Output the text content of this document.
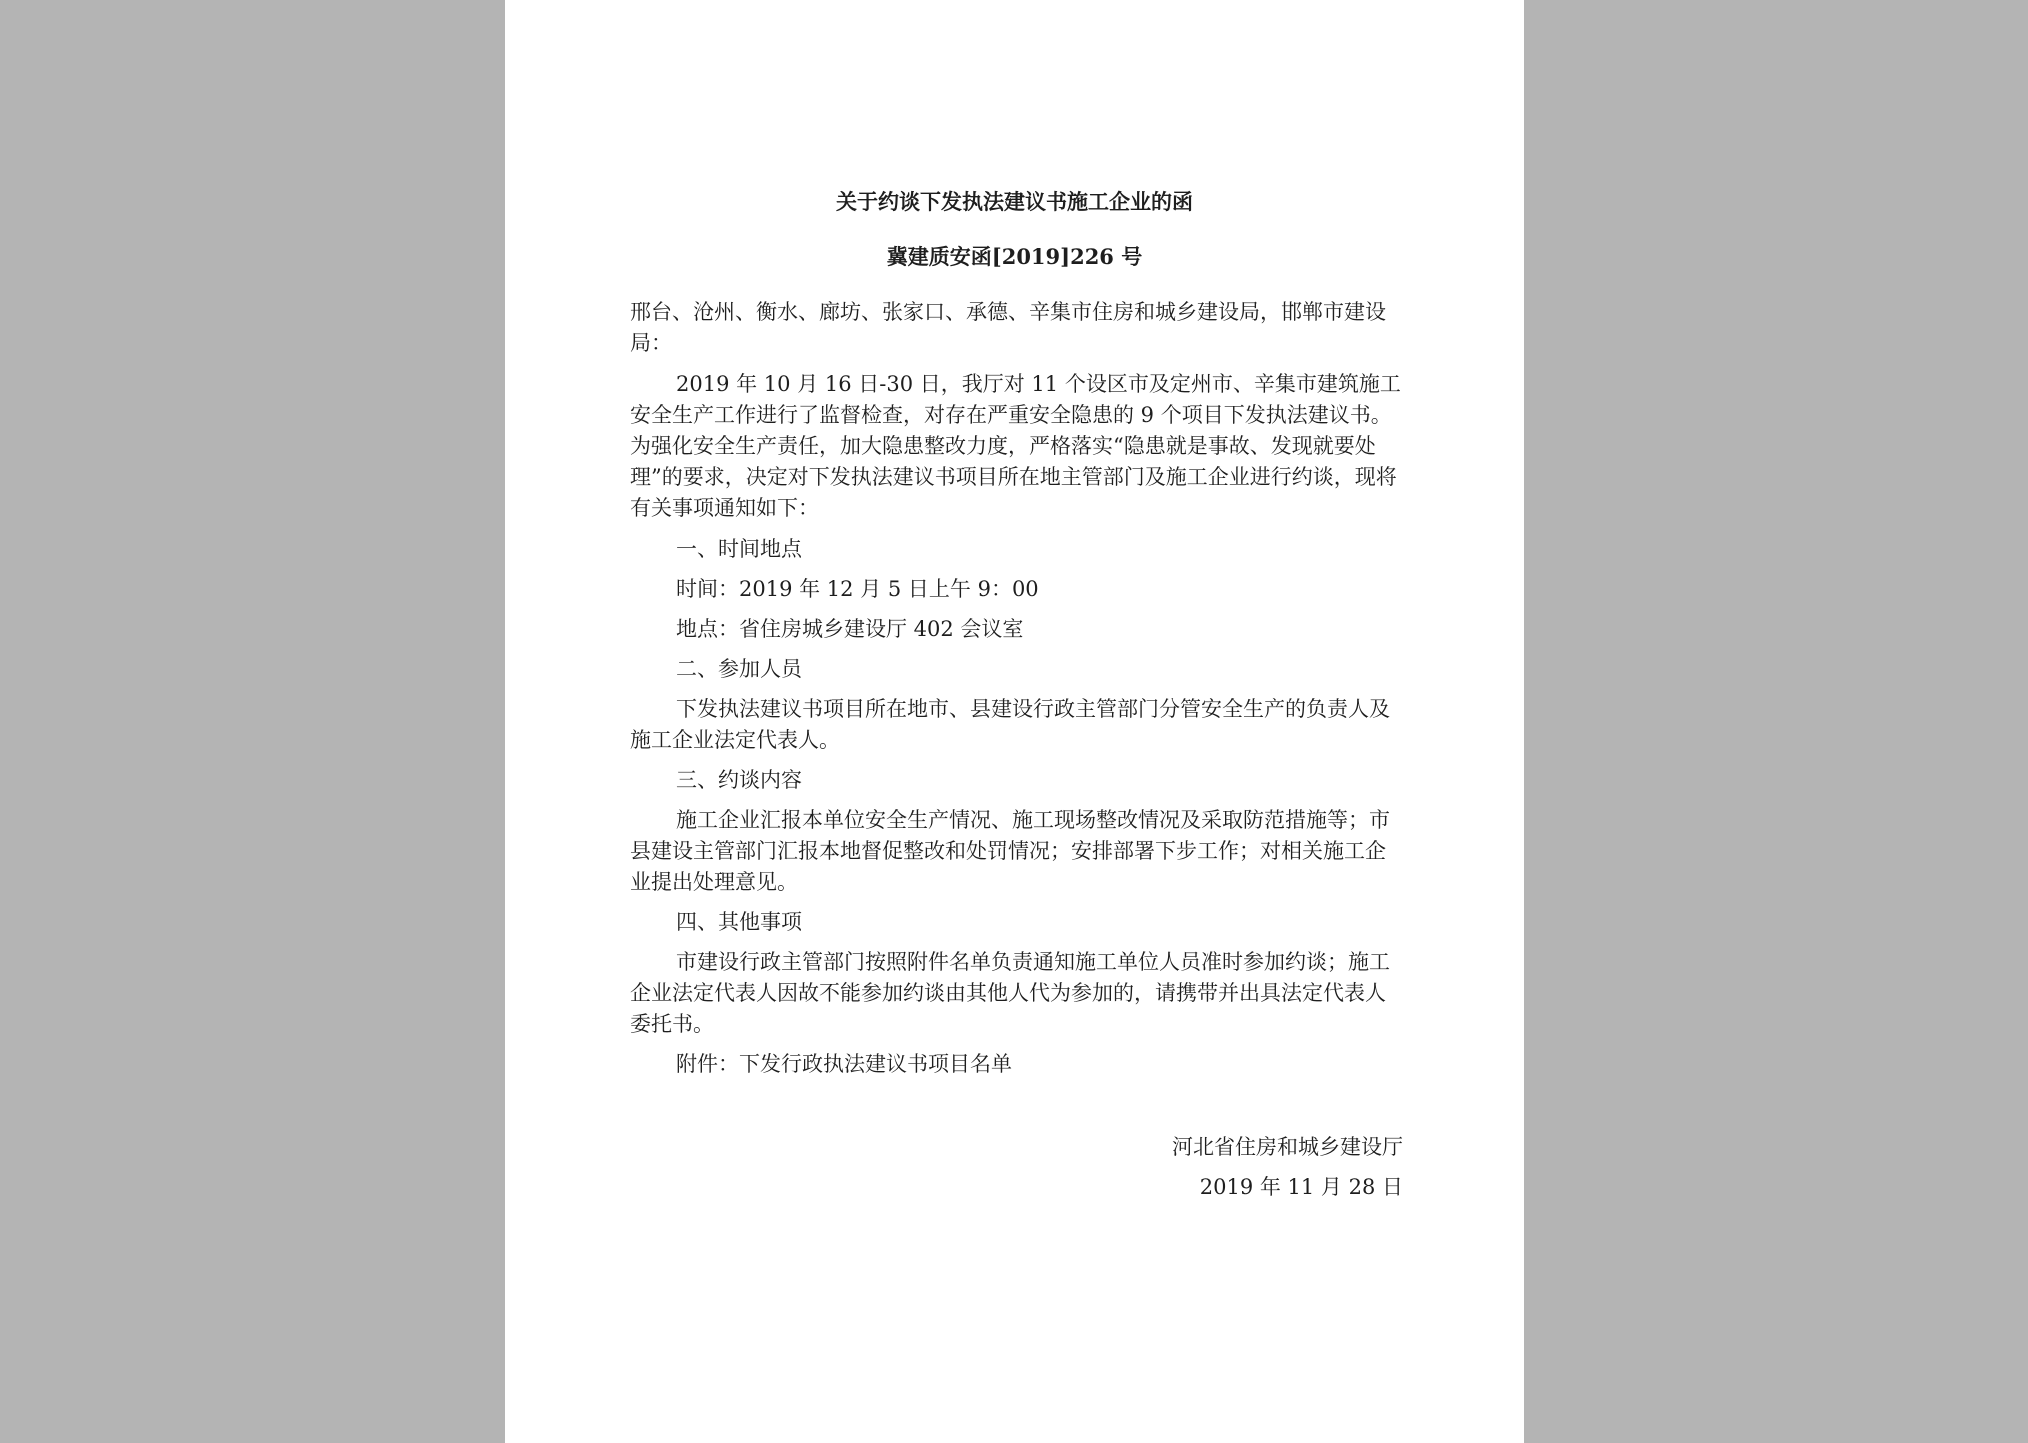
关于约谈下发执法建议书施工企业的函
冀建质安函[2019]226 号

邢台、沧州、衡水、廊坊、张家口、承德、辛集市住房和城乡建设局，邯郸市建设局：

2019 年 10 月 16 日-30 日，我厅对 11 个设区市及定州市、辛集市建筑施工安全生产工作进行了监督检查，对存在严重安全隐患的 9 个项目下发执法建议书。为强化安全生产责任，加大隐患整改力度，严格落实“隐患就是事故、发现就要处理”的要求，决定对下发执法建议书项目所在地主管部门及施工企业进行约谈，现将有关事项通知如下：

一、时间地点

时间：2019 年 12 月 5 日上午 9：00

地点：省住房城乡建设厅 402 会议室

二、参加人员

下发执法建议书项目所在地市、县建设行政主管部门分管安全生产的负责人及施工企业法定代表人。

三、约谈内容

施工企业汇报本单位安全生产情况、施工现场整改情况及采取防范措施等；市县建设主管部门汇报本地督促整改和处罚情况；安排部署下步工作；对相关施工企业提出处理意见。

四、其他事项

市建设行政主管部门按照附件名单负责通知施工单位人员准时参加约谈；施工企业法定代表人因故不能参加约谈由其他人代为参加的，请携带并出具法定代表人委托书。

附件：下发行政执法建议书项目名单

河北省住房和城乡建设厅

2019 年 11 月 28 日
